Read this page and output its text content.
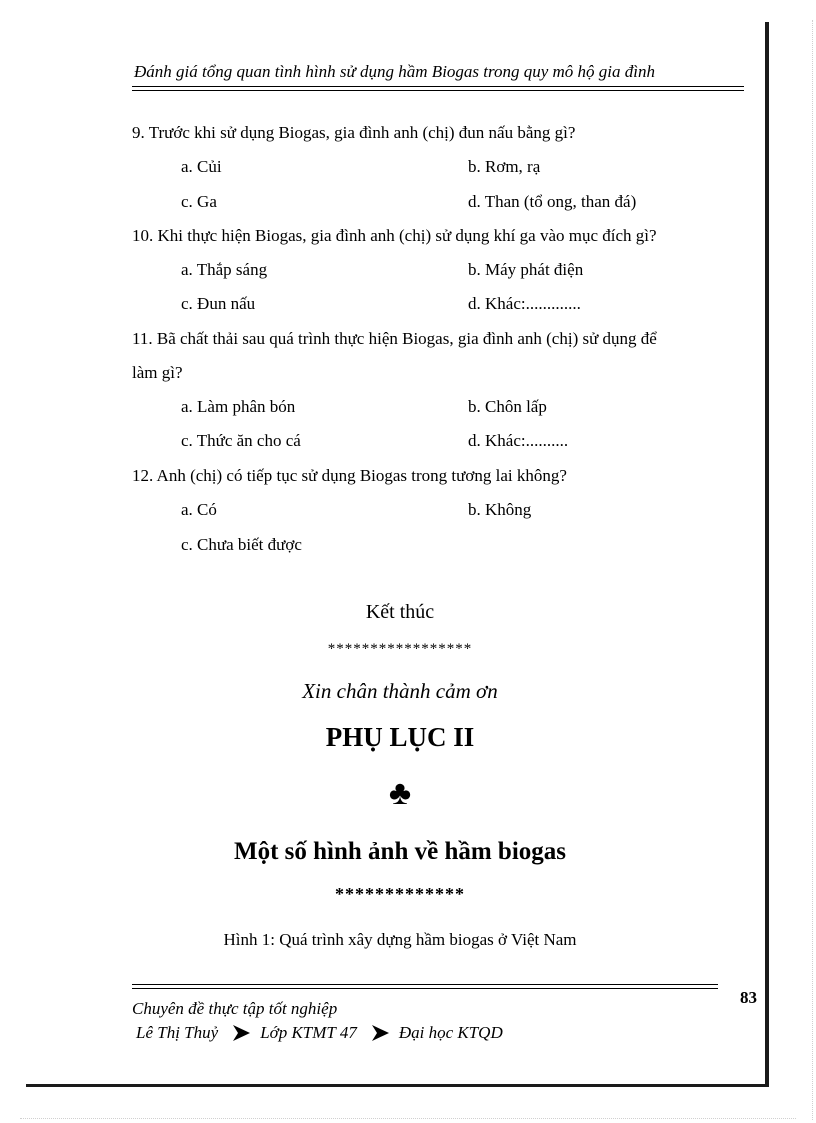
Đánh giá tổng quan tình hình sử dụng hầm Biogas trong quy mô hộ gia đình
9. Trước khi sử dụng Biogas, gia đình anh (chị) đun nấu bằng gì?
a. Củi	b. Rơm, rạ
c. Ga	d. Than (tổ ong, than đá)
10. Khi thực hiện Biogas, gia đình anh (chị) sử dụng khí ga vào mục đích gì?
a. Thắp sáng	b. Máy phát điện
c. Đun nấu	d. Khác:.............
11. Bã chất thải sau quá trình thực hiện Biogas, gia đình anh (chị) sử dụng để
làm gì?
a. Làm phân bón	b. Chôn lấp
c. Thức ăn cho cá	d. Khác:..........
12. Anh (chị) có tiếp tục sử dụng Biogas trong tương lai không?
a. Có	b. Không
c. Chưa biết được
Kết thúc
*****************
Xin chân thành cảm ơn
PHỤ LỤC II
♣
Một số hình ảnh về hầm biogas
*************
Hình 1: Quá trình xây dựng hầm biogas ở Việt Nam
83
Chuyên đề thực tập tốt nghiệp
Lê Thị Thuỷ Lớp KTMT 47 Đại học KTQD
